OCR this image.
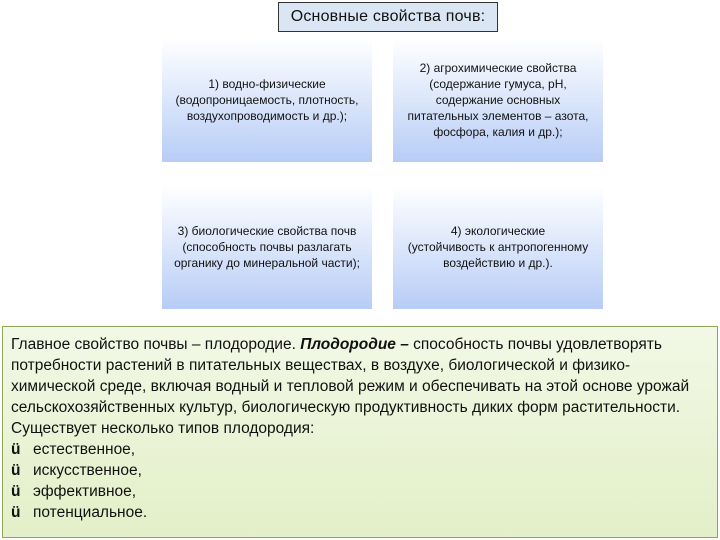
Основные свойства почв:
1) водно-физические
(водопроницаемость, плотность,
воздухопроводимость и др.);
2) агрохимические свойства
(содержание гумуса, pH,
содержание основных
питательных элементов – азота,
фосфора, калия и др.);
3) биологические свойства почв
(способность почвы разлагать
органику до минеральной части);
4) экологические
(устойчивость к антропогенному
воздействию и др.).

Главное свойство почвы – плодородие. Плодородие – способность почвы удовлетворять потребности растений в питательных веществах, в воздухе, биологической и физико-химической среде, включая водный и тепловой режим и обеспечивать на этой основе урожай сельскохозяйственных культур, биологическую продуктивность диких форм растительности. Существует несколько типов плодородия:

ü естественное,
ü искусственное,
ü эффективное,
ü потенциальное.
